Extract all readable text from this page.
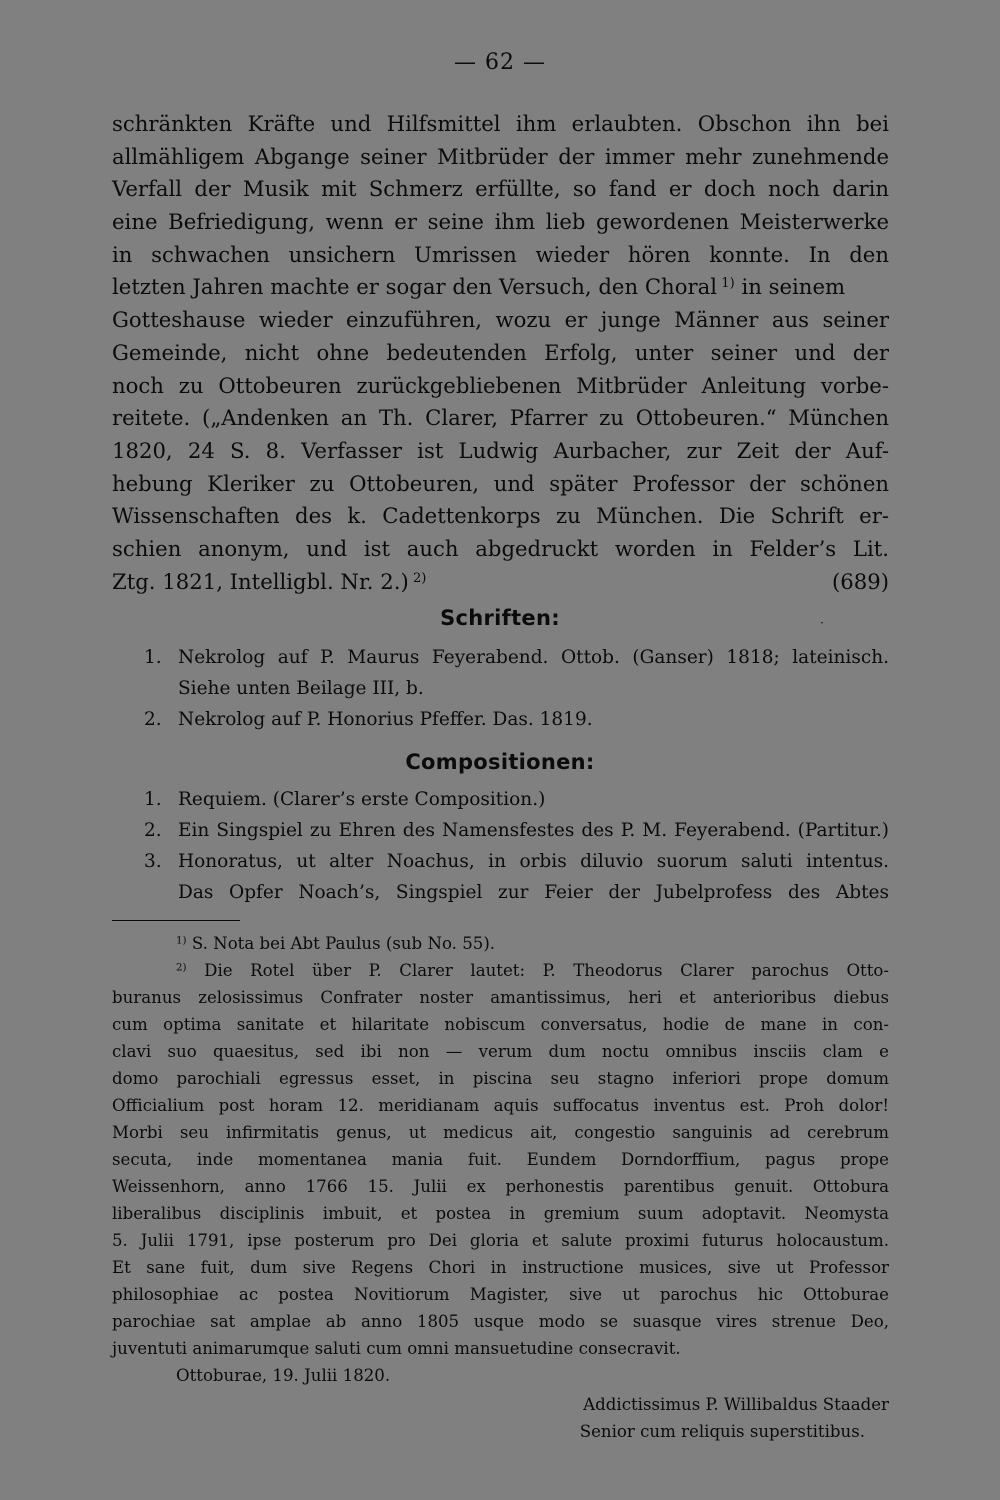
— 62 —
schränkten Kräfte und Hilfsmittel ihm erlaubten. Obschon ihn bei
allmähligem Abgange seiner Mitbrüder der immer mehr zunehmende
Verfall der Musik mit Schmerz erfüllte, so fand er doch noch darin
eine Befriedigung, wenn er seine ihm lieb gewordenen Meisterwerke
in schwachen unsichern Umrissen wieder hören konnte. In den
letzten Jahren machte er sogar den Versuch, den Choral  $^{1)}$ in seinem
Gotteshause wieder einzuführen, wozu er junge Männer aus seiner
Gemeinde, nicht ohne bedeutenden Erfolg, unter seiner und der
noch zu Ottobeuren zurückgebliebenen Mitbrüder Anleitung vorbe-
reitete. („Andenken an Th. Clarer, Pfarrer zu Ottobeuren.“ München
1820, 24 S. 8. Verfasser ist Ludwig Aurbacher, zur Zeit der Auf-
hebung Kleriker zu Ottobeuren, und später Professor der schönen
Wissenschaften des k. Cadettenkorps zu München. Die Schrift er-
schien anonym, und ist auch abgedruckt worden in Felder’s Lit.
Ztg. 1821, Intelligbl. Nr. 2.)  $^{2)}$	(689)
Schriften:	·
1. Nekrolog auf P. Maurus Feyerabend. Ottob. (Ganser) 1818; lateinisch.
Siehe unten Beilage III, b.
2. Nekrolog auf P. Honorius Pfeffer. Das. 1819.
Compositionen:
1. Requiem. (Clarer’s erste Composition.)
2. Ein Singspiel zu Ehren des Namensfestes des P. M. Feyerabend. (Partitur.)
3. Honoratus, ut alter Noachus, in orbis diluvio suorum saluti intentus.
Das Opfer Noach’s, Singspiel zur Feier der Jubelprofess des Abtes
$^{1)}$ S. Nota bei Abt Paulus (sub No. 55).
$^{2)}$ Die Rotel über P. Clarer lautet: P. Theodorus Clarer parochus Otto-
buranus zelosissimus Confrater noster amantissimus, heri et anterioribus diebus
cum optima sanitate et hilaritate nobiscum conversatus, hodie de mane in con-
clavi suo quaesitus, sed ibi non — verum dum noctu omnibus insciis clam e
domo parochiali egressus esset, in piscina seu stagno inferiori prope domum
Officialium post horam 12. meridianam aquis suffocatus inventus est. Proh dolor!
Morbi seu infirmitatis genus, ut medicus ait, congestio sanguinis ad cerebrum
secuta, inde momentanea mania fuit. Eundem Dorndorffium, pagus prope
Weissenhorn, anno 1766 15. Julii ex perhonestis parentibus genuit. Ottobura
liberalibus disciplinis imbuit, et postea in gremium suum adoptavit. Neomysta
5. Julii 1791, ipse posterum pro Dei gloria et salute proximi futurus holocaustum.
Et sane fuit, dum sive Regens Chori in instructione musices, sive ut Professor
philosophiae ac postea Novitiorum Magister, sive ut parochus hic Ottoburae
parochiae sat amplae ab anno 1805 usque modo se suasque vires strenue Deo,
juventuti animarumque saluti cum omni mansuetudine consecravit.
Ottoburae, 19. Julii 1820.
Addictissimus P. Willibaldus Staader
Senior cum reliquis superstitibus.
